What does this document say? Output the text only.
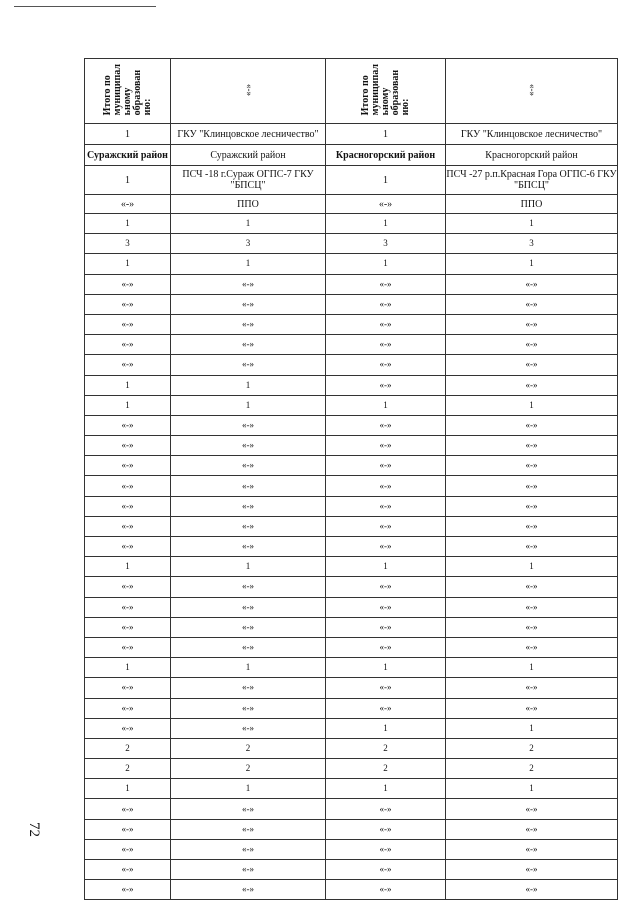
Итого по
муниципал
ьному
образован
ию:	«-»	Итого по
муниципал
ьному
образован
ию:	«-»
1	ГКУ "Клинцовское лесничество"	1	ГКУ "Клинцовское лесничество"
Суражский район	Суражский район	Красногорский район	Красногорский район
1	ПСЧ -18 г.Сураж ОГПС-7 ГКУ "БПСЦ"	1	ПСЧ -27 р.п.Красная Гора ОГПС-6 ГКУ "БПСЦ"
«-»	ППО	«-»	ППО
1	1	1	1
3	3	3	3
1	1	1	1
«-»	«-»	«-»	«-»
«-»	«-»	«-»	«-»
«-»	«-»	«-»	«-»
«-»	«-»	«-»	«-»
«-»	«-»	«-»	«-»
1	1	«-»	«-»
1	1	1	1
«-»	«-»	«-»	«-»
«-»	«-»	«-»	«-»
«-»	«-»	«-»	«-»
«-»	«-»	«-»	«-»
«-»	«-»	«-»	«-»
«-»	«-»	«-»	«-»
«-»	«-»	«-»	«-»
1	1	1	1
«-»	«-»	«-»	«-»
«-»	«-»	«-»	«-»
«-»	«-»	«-»	«-»
«-»	«-»	«-»	«-»
1	1	1	1
«-»	«-»	«-»	«-»
«-»	«-»	«-»	«-»
«-»	«-»	1	1
2	2	2	2
2	2	2	2
1	1	1	1
«-»	«-»	«-»	«-»
«-»	«-»	«-»	«-»
«-»	«-»	«-»	«-»
«-»	«-»	«-»	«-»
«-»	«-»	«-»	«-»
72
